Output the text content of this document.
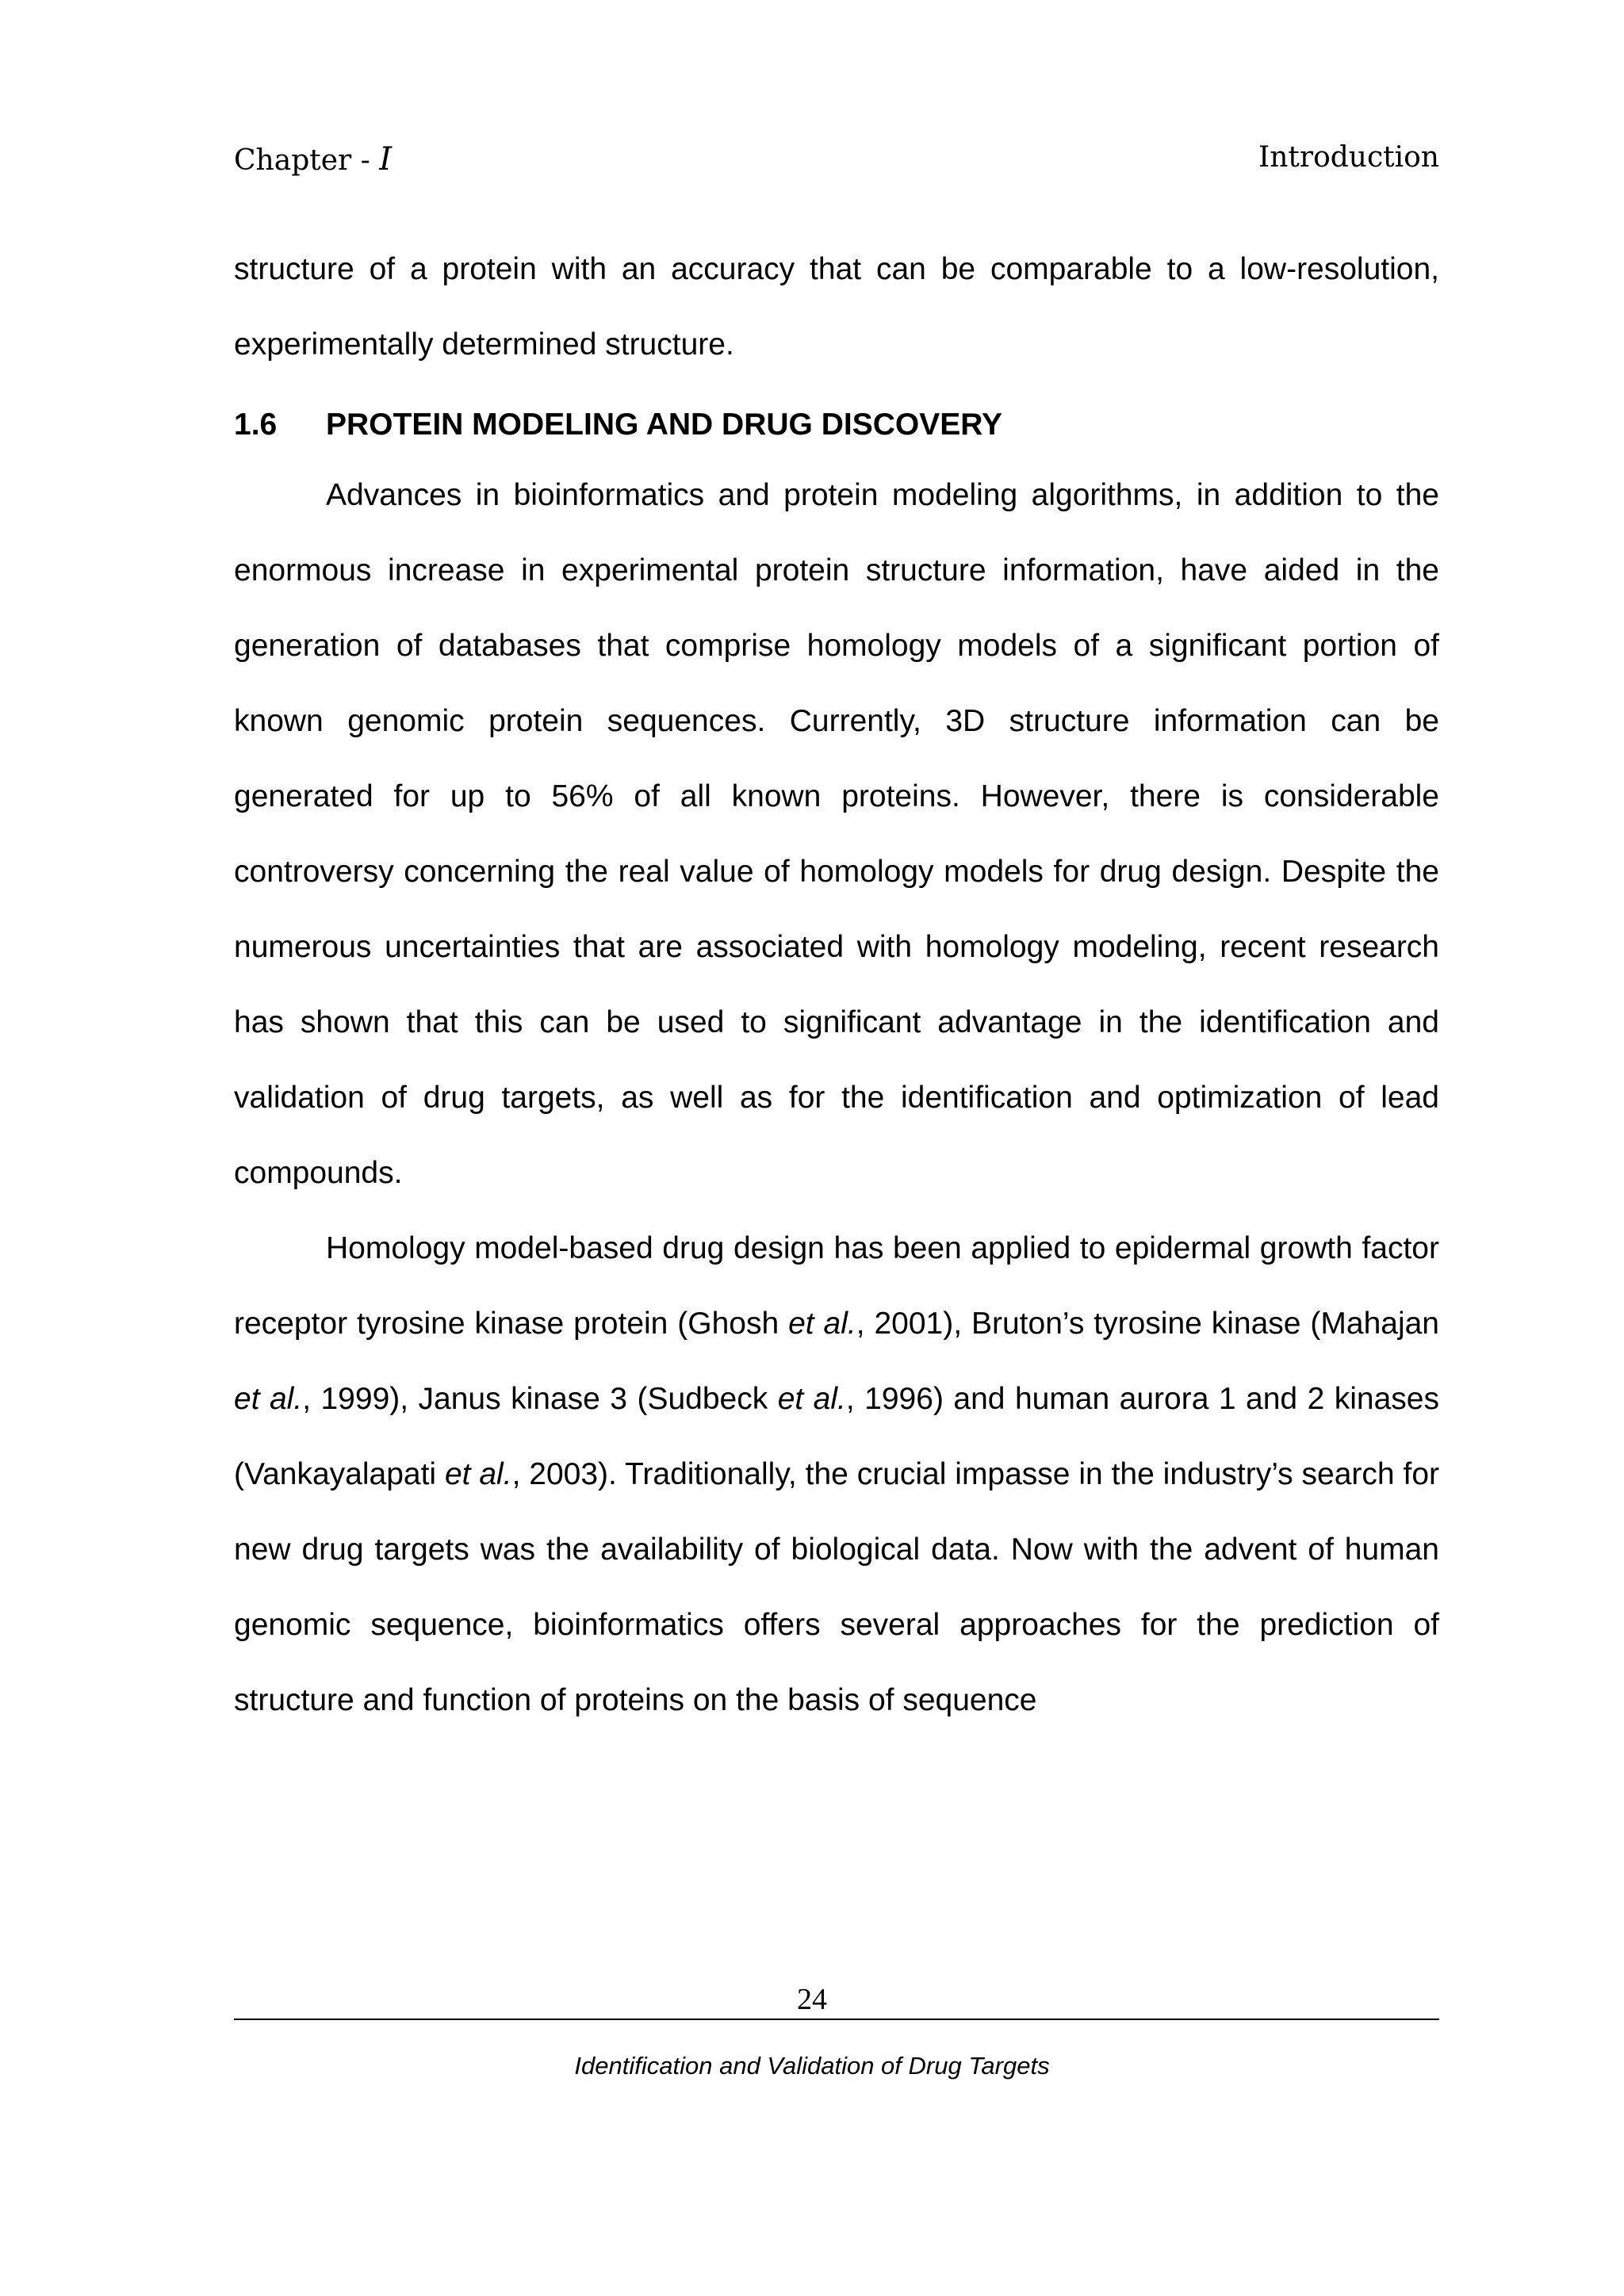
Chapter - I	Introduction

structure of a protein with an accuracy that can be comparable to a low-resolution, experimentally determined structure.

1.6 PROTEIN MODELING AND DRUG DISCOVERY

Advances in bioinformatics and protein modeling algorithms, in addition to the enormous increase in experimental protein structure information, have aided in the generation of databases that comprise homology models of a significant portion of known genomic protein sequences. Currently, 3D structure information can be generated for up to 56% of all known proteins. However, there is considerable controversy concerning the real value of homology models for drug design. Despite the numerous uncertainties that are associated with homology modeling, recent research has shown that this can be used to significant advantage in the identification and validation of drug targets, as well as for the identification and optimization of lead compounds.

Homology model-based drug design has been applied to epidermal growth factor receptor tyrosine kinase protein (Ghosh et al., 2001), Bruton’s tyrosine kinase (Mahajan et al., 1999), Janus kinase 3 (Sudbeck et al., 1996) and human aurora 1 and 2 kinases (Vankayalapati et al., 2003). Traditionally, the crucial impasse in the industry’s search for new drug targets was the availability of biological data. Now with the advent of human genomic sequence, bioinformatics offers several approaches for the prediction of structure and function of proteins on the basis of sequence

24
Identification and Validation of Drug Targets
